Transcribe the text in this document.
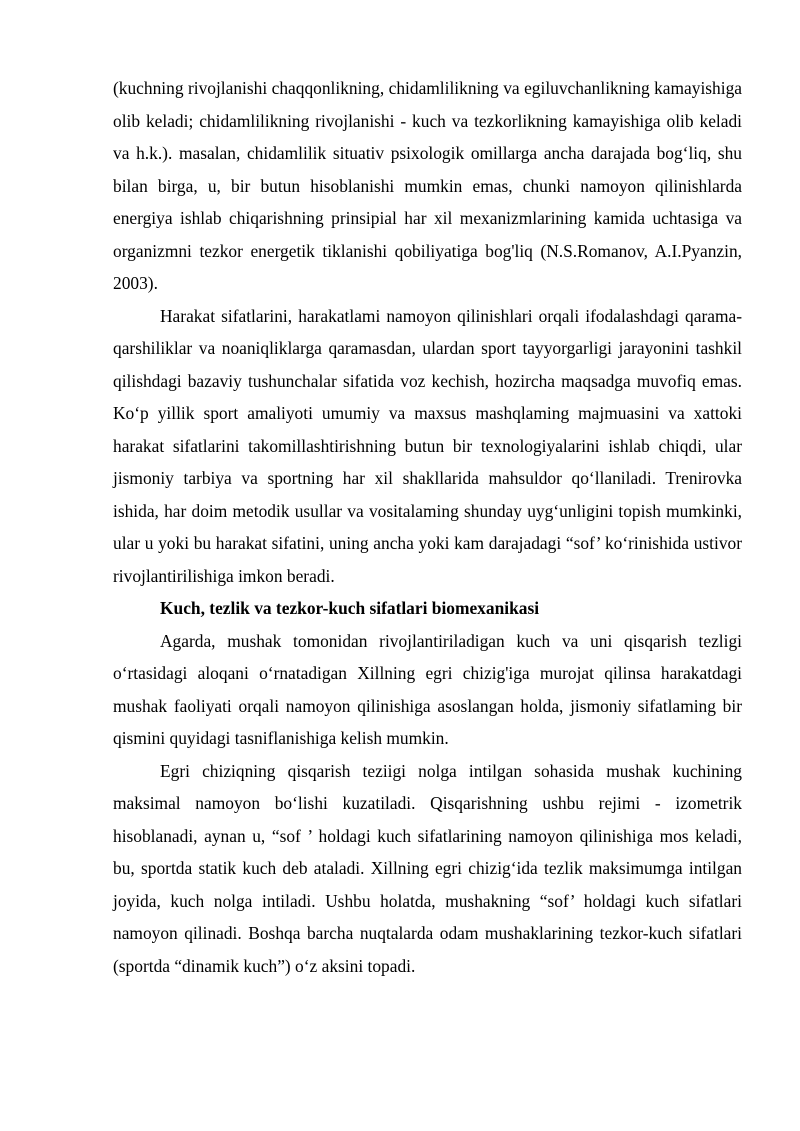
(kuchning rivojlanishi chaqqonlikning, chidamlilikning va egiluvchanlikning kamayishiga olib keladi; chidamlilikning rivojlanishi - kuch va tezkorlikning kamayishiga olib keladi va h.k.). masalan, chidamlilik situativ psixologik omillarga ancha darajada bog‘liq, shu bilan birga, u, bir butun hisoblanishi mumkin emas, chunki namoyon qilinishlarda energiya ishlab chiqarishning prinsipial har xil mexanizmlarining kamida uchtasiga va organizmni tezkor energetik tiklanishi qobiliyatiga bog'liq (N.S.Romanov, A.I.Pyanzin, 2003).

Harakat sifatlarini, harakatlami namoyon qilinishlari orqali ifodalashdagi qarama-qarshiliklar va noaniqliklarga qaramasdan, ulardan sport tayyorgarligi jarayonini tashkil qilishdagi bazaviy tushunchalar sifatida voz kechish, hozircha maqsadga muvofiq emas. Ko‘p yillik sport amaliyoti umumiy va maxsus mashqlaming majmuasini va xattoki harakat sifatlarini takomillashtirishning butun bir texnologiyalarini ishlab chiqdi, ular jismoniy tarbiya va sportning har xil shakllarida mahsuldor qo‘llaniladi. Trenirovka ishida, har doim metodik usullar va vositalaming shunday uyg‘unligini topish mumkinki, ular u yoki bu harakat sifatini, uning ancha yoki kam darajadagi “sof’ ko‘rinishida ustivor rivojlantirilishiga imkon beradi.

Kuch, tezlik va tezkor-kuch sifatlari biomexanikasi

Agarda, mushak tomonidan rivojlantiriladigan kuch va uni qisqarish tezligi o‘rtasidagi aloqani o‘rnatadigan Xillning egri chizig'iga murojat qilinsa harakatdagi mushak faoliyati orqali namoyon qilinishiga asoslangan holda, jismoniy sifatlaming bir qismini quyidagi tasniflanishiga kelish mumkin.

Egri chiziqning qisqarish teziigi nolga intilgan sohasida mushak kuchining maksimal namoyon bo‘lishi kuzatiladi. Qisqarishning ushbu rejimi - izometrik hisoblanadi, aynan u, “sof ’ holdagi kuch sifatlarining namoyon qilinishiga mos keladi, bu, sportda statik kuch deb ataladi. Xillning egri chizig‘ida tezlik maksimumga intilgan joyida, kuch nolga intiladi. Ushbu holatda, mushakning “sof’ holdagi kuch sifatlari namoyon qilinadi. Boshqa barcha nuqtalarda odam mushaklarining tezkor-kuch sifatlari (sportda “dinamik kuch”) o‘z aksini topadi.
